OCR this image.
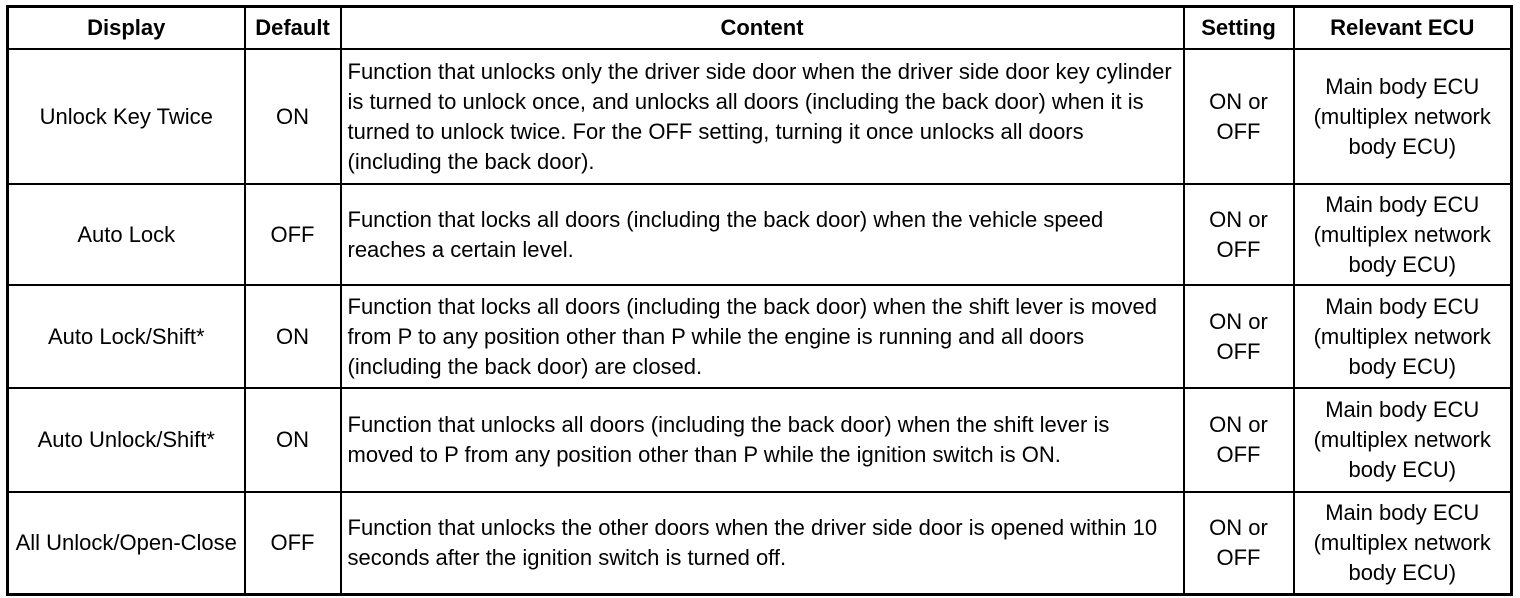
Display	Default	Content	Setting	Relevant ECU
Unlock Key Twice	ON	Function that unlocks only the driver side door when the driver side door key cylinder is turned to unlock once, and unlocks all doors (including the back door) when it is turned to unlock twice. For the OFF setting, turning it once unlocks all doors (including the back door).	ON or OFF	Main body ECU (multiplex network body ECU)
Auto Lock	OFF	Function that locks all doors (including the back door) when the vehicle speed reaches a certain level.	ON or OFF	Main body ECU (multiplex network body ECU)
Auto Lock/Shift*	ON	Function that locks all doors (including the back door) when the shift lever is moved from P to any position other than P while the engine is running and all doors (including the back door) are closed.	ON or OFF	Main body ECU (multiplex network body ECU)
Auto Unlock/Shift*	ON	Function that unlocks all doors (including the back door) when the shift lever is moved to P from any position other than P while the ignition switch is ON.	ON or OFF	Main body ECU (multiplex network body ECU)
All Unlock/Open-Close	OFF	Function that unlocks the other doors when the driver side door is opened within 10 seconds after the ignition switch is turned off.	ON or OFF	Main body ECU (multiplex network body ECU)
